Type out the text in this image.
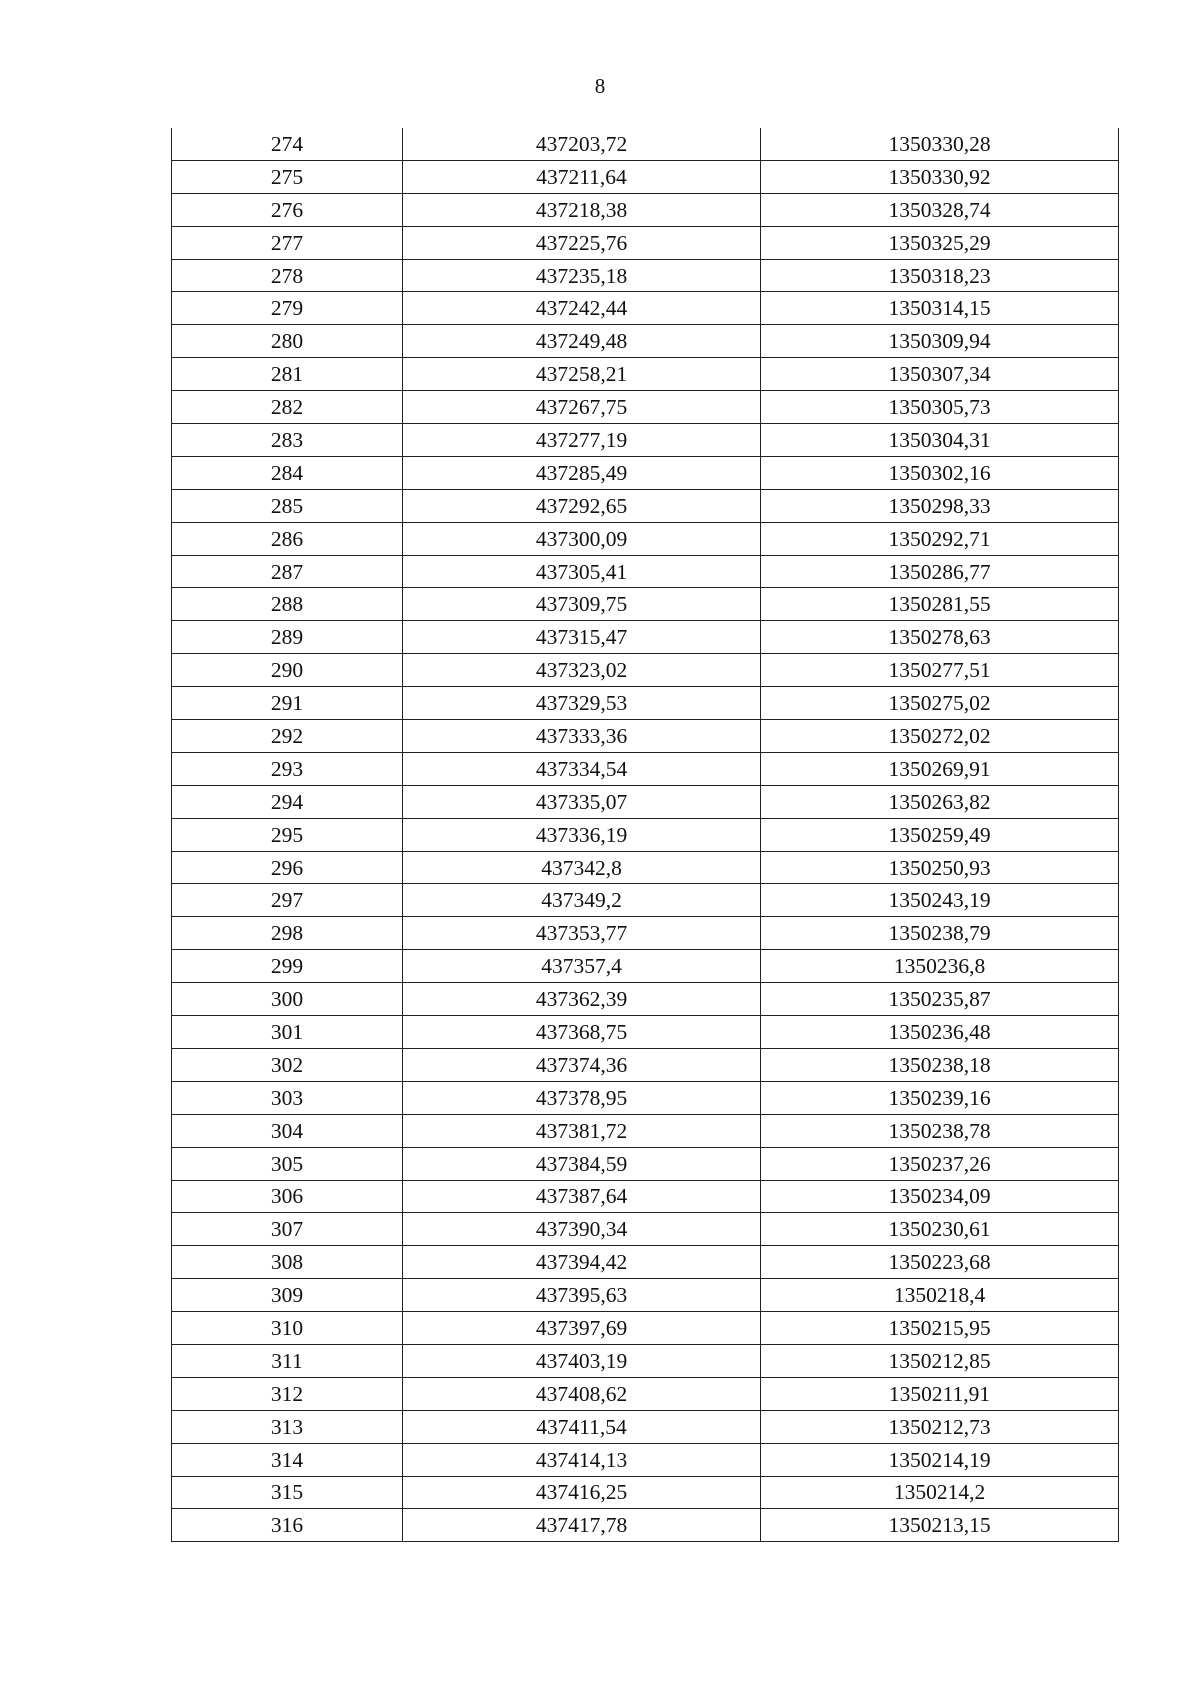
8
274	437203,72	1350330,28
275	437211,64	1350330,92
276	437218,38	1350328,74
277	437225,76	1350325,29
278	437235,18	1350318,23
279	437242,44	1350314,15
280	437249,48	1350309,94
281	437258,21	1350307,34
282	437267,75	1350305,73
283	437277,19	1350304,31
284	437285,49	1350302,16
285	437292,65	1350298,33
286	437300,09	1350292,71
287	437305,41	1350286,77
288	437309,75	1350281,55
289	437315,47	1350278,63
290	437323,02	1350277,51
291	437329,53	1350275,02
292	437333,36	1350272,02
293	437334,54	1350269,91
294	437335,07	1350263,82
295	437336,19	1350259,49
296	437342,8	1350250,93
297	437349,2	1350243,19
298	437353,77	1350238,79
299	437357,4	1350236,8
300	437362,39	1350235,87
301	437368,75	1350236,48
302	437374,36	1350238,18
303	437378,95	1350239,16
304	437381,72	1350238,78
305	437384,59	1350237,26
306	437387,64	1350234,09
307	437390,34	1350230,61
308	437394,42	1350223,68
309	437395,63	1350218,4
310	437397,69	1350215,95
311	437403,19	1350212,85
312	437408,62	1350211,91
313	437411,54	1350212,73
314	437414,13	1350214,19
315	437416,25	1350214,2
316	437417,78	1350213,15
